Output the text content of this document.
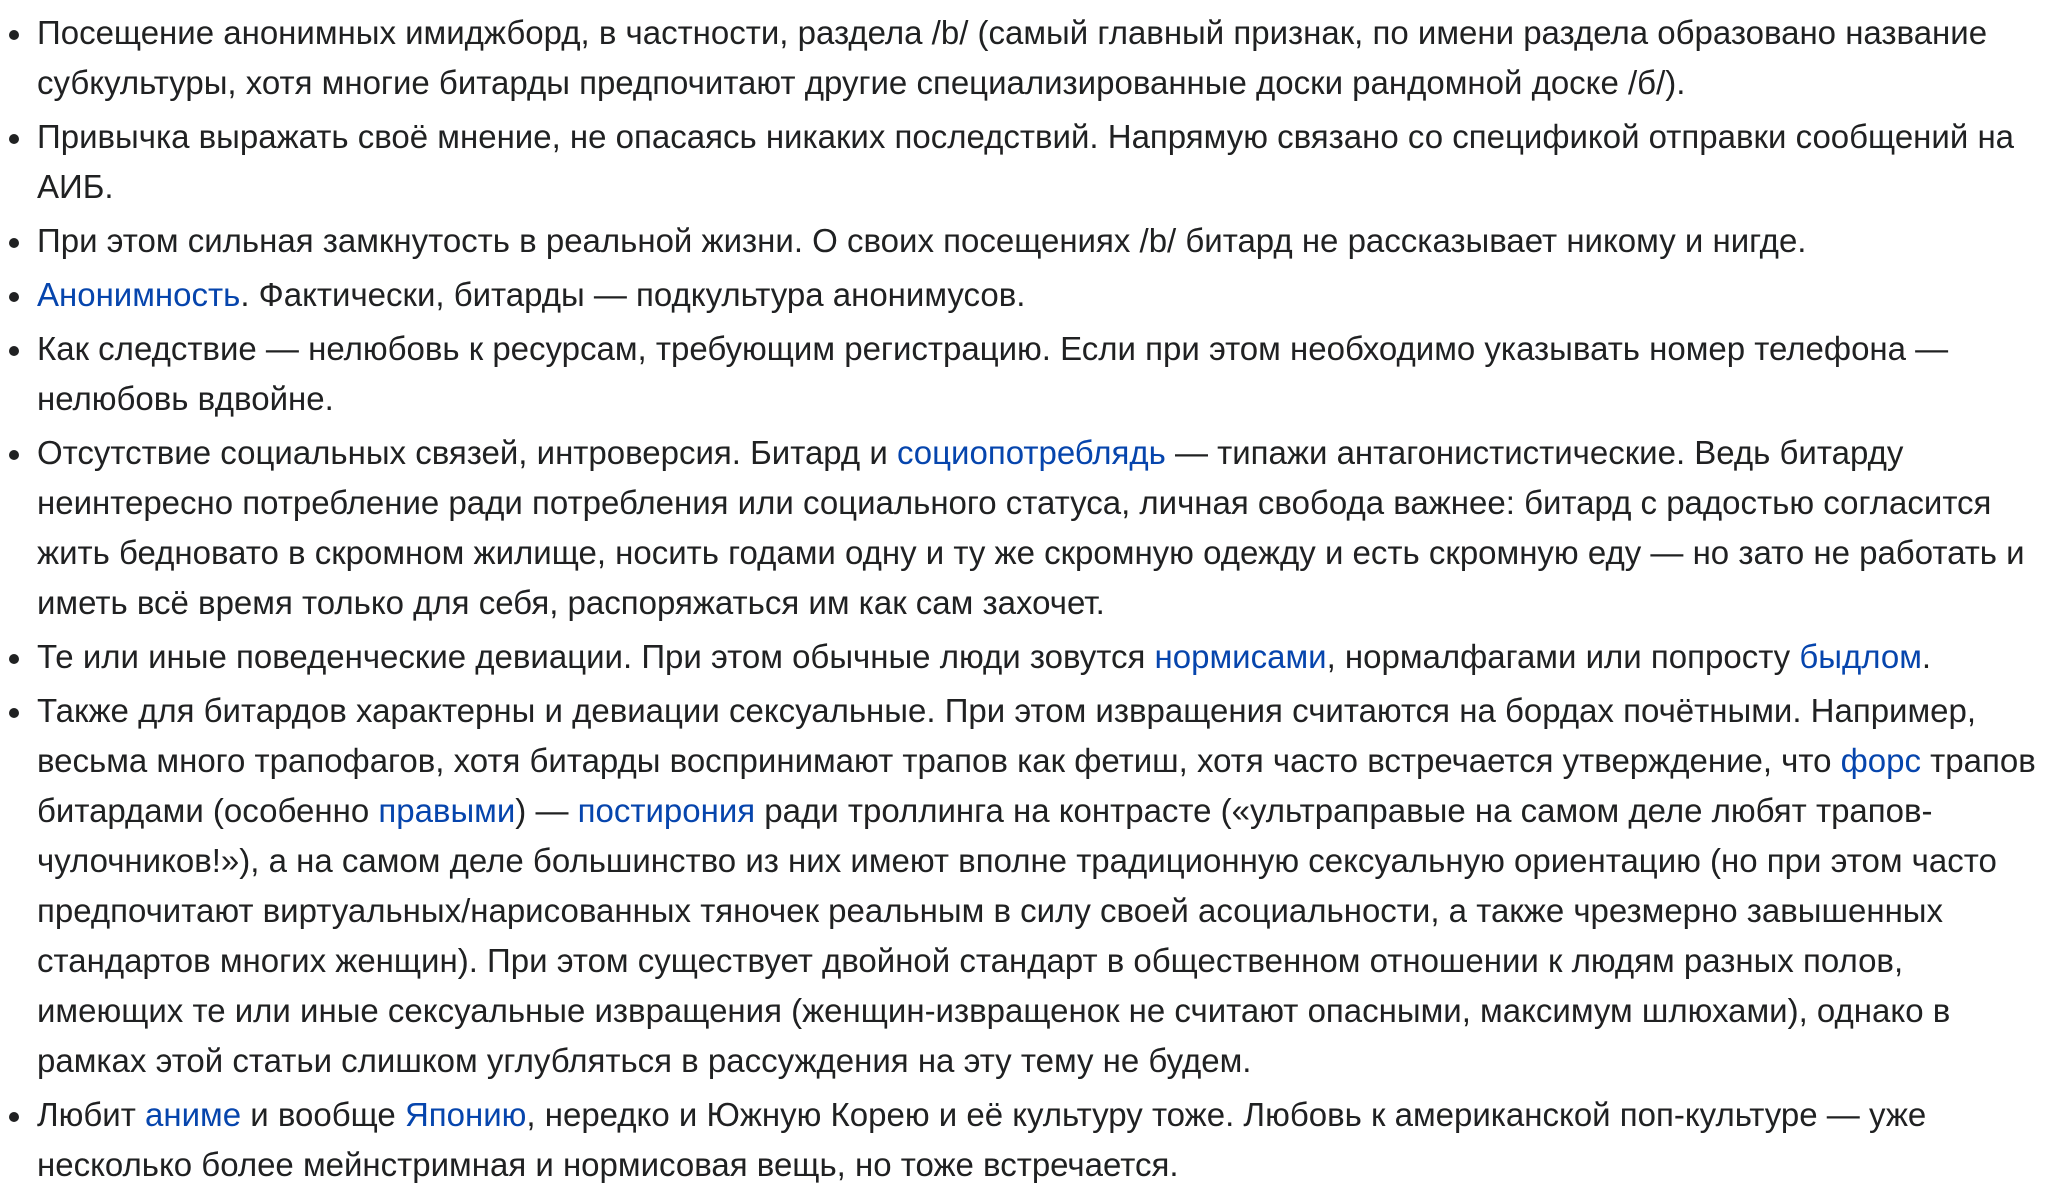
Посещение анонимных имиджборд, в частности, раздела /b/ (самый главный признак, по имени раздела образовано название субкультуры, хотя многие битарды предпочитают другие специализированные доски рандомной доске /б/).
Привычка выражать своё мнение, не опасаясь никаких последствий. Напрямую связано со спецификой отправки сообщений на АИБ.
При этом сильная замкнутость в реальной жизни. О своих посещениях /b/ битард не рассказывает никому и нигде.
Анонимность. Фактически, битарды — подкультура анонимусов.
Как следствие — нелюбовь к ресурсам, требующим регистрацию. Если при этом необходимо указывать номер телефона — нелюбовь вдвойне.
Отсутствие социальных связей, интроверсия. Битард и социопотреблядь — типажи антагонистистические. Ведь битарду неинтересно потребление ради потребления или социального статуса, личная свобода важнее: битард с радостью согласится жить бедновато в скромном жилище, носить годами одну и ту же скромную одежду и есть скромную еду — но зато не работать и иметь всё время только для себя, распоряжаться им как сам захочет.
Те или иные поведенческие девиации. При этом обычные люди зовутся нормисами, нормалфагами или попросту быдлом.
Также для битардов характерны и девиации сексуальные. При этом извращения считаются на бордах почётными. Например, весьма много трапофагов, хотя битарды воспринимают трапов как фетиш, хотя часто встречается утверждение, что форс трапов битардами (особенно правыми) — постирония ради троллинга на контрасте («ультраправые на самом деле любят трапов-чулочников!»), а на самом деле большинство из них имеют вполне традиционную сексуальную ориентацию (но при этом часто предпочитают виртуальных/нарисованных тяночек реальным в силу своей асоциальности, а также чрезмерно завышенных стандартов многих женщин). При этом существует двойной стандарт в общественном отношении к людям разных полов, имеющих те или иные сексуальные извращения (женщин-извращенок не считают опасными, максимум шлюхами), однако в рамках этой статьи слишком углубляться в рассуждения на эту тему не будем.
Любит аниме и вообще Японию, нередко и Южную Корею и её культуру тоже. Любовь к американской поп-культуре — уже несколько более мейнстримная и нормисовая вещь, но тоже встречается.
